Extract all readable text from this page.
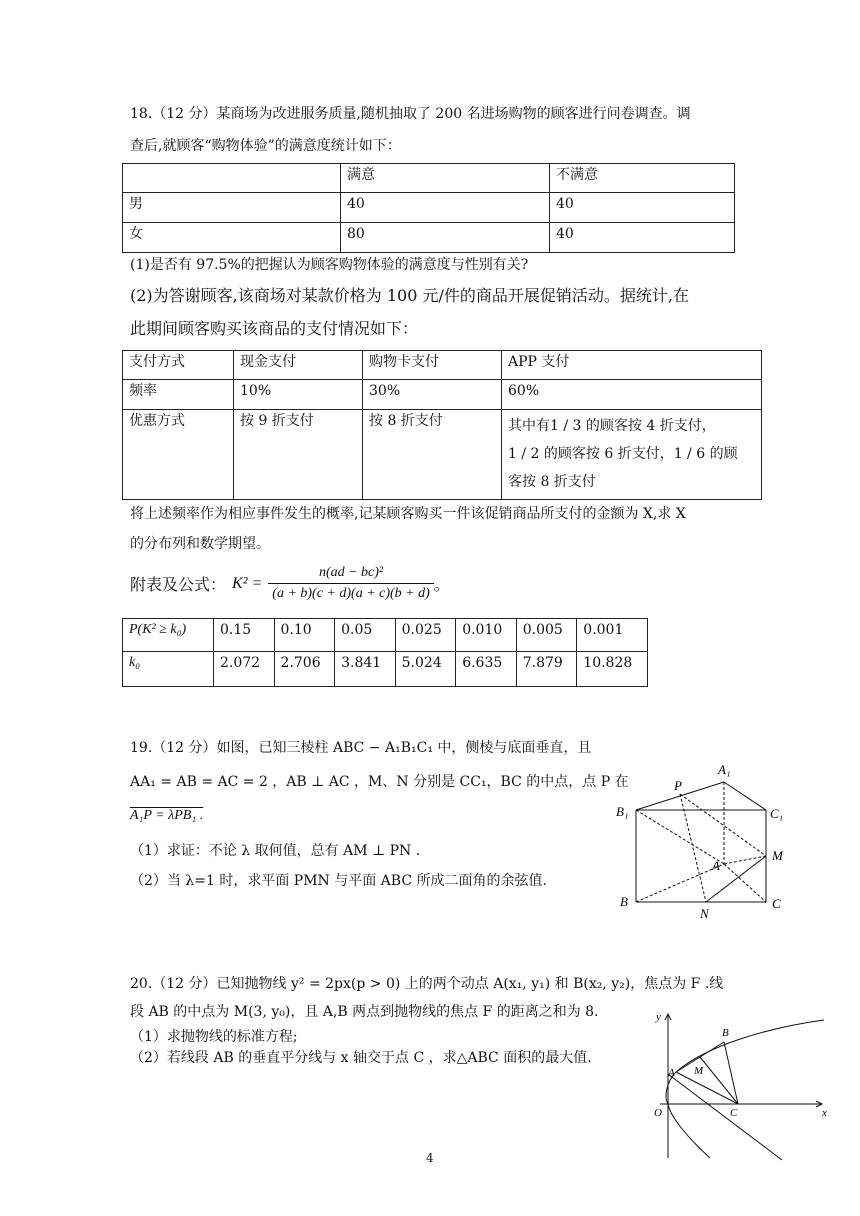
18.（12 分）某商场为改进服务质量,随机抽取了 200 名进场购物的顾客进行问卷调查。调
查后,就顾客“购物体验”的满意度统计如下：
	满意	不满意
男	40	40
女	80	40
(1)是否有 97.5%的把握认为顾客购物体验的满意度与性别有关?
(2)为答谢顾客,该商场对某款价格为 100 元/件的商品开展促销活动。据统计,在
此期间顾客购买该商品的支付情况如下：
支付方式	现金支付	购物卡支付	APP 支付
频率	10%	30%	60%
优惠方式	按 9 折支付	按 8 折支付	其中有1 / 3 的顾客按 4 折支付，
1 / 2 的顾客按 6 折支付，1 / 6 的顾
客按 8 折支付
将上述频率作为相应事件发生的概率,记某顾客购买一件该促销商品所支付的金额为 X,求 X
的分布列和数学期望。
附表及公式： $K^2 = \frac{\text{n(ad − bc)²}}{(a + b)(c + d)(a + c)(b + d)}$ 。
P(K² ≥ k₀)	0.15	0.10	0.05	0.025	0.010	0.005	0.001
k₀	2.072	2.706	3.841	5.024	6.635	7.879	10.828
19.（12 分）如图，已知三棱柱 ABC − A₁B₁C₁ 中，侧棱与底面垂直，且
AA₁ = AB = AC = 2 ，AB ⊥ AC ，M、N 分别是 CC₁，BC 的中点，点 P 在
A₁P = λPB₁ .
（1）求证：不论 λ 取何值，总有 AM ⊥ PN .
（2）当 λ=1 时，求平面 PMN 与平面 ABC 所成二面角的余弦值.
A₁
B₁	C₁
P
A
M
B
N
C
20.（12 分）已知抛物线 y² = 2px(p > 0) 上的两个动点 A(x₁, y₁) 和 B(x₂, y₂)，焦点为 F .线
段 AB 的中点为 M(3, y₀)，且 A,B 两点到抛物线的焦点 F 的距离之和为 8.
（1）求抛物线的标准方程;
（2）若线段 AB 的垂直平分线与 x 轴交于点 C ，求△ABC 面积的最大值.
y
x
O
A
B
M
C
4
